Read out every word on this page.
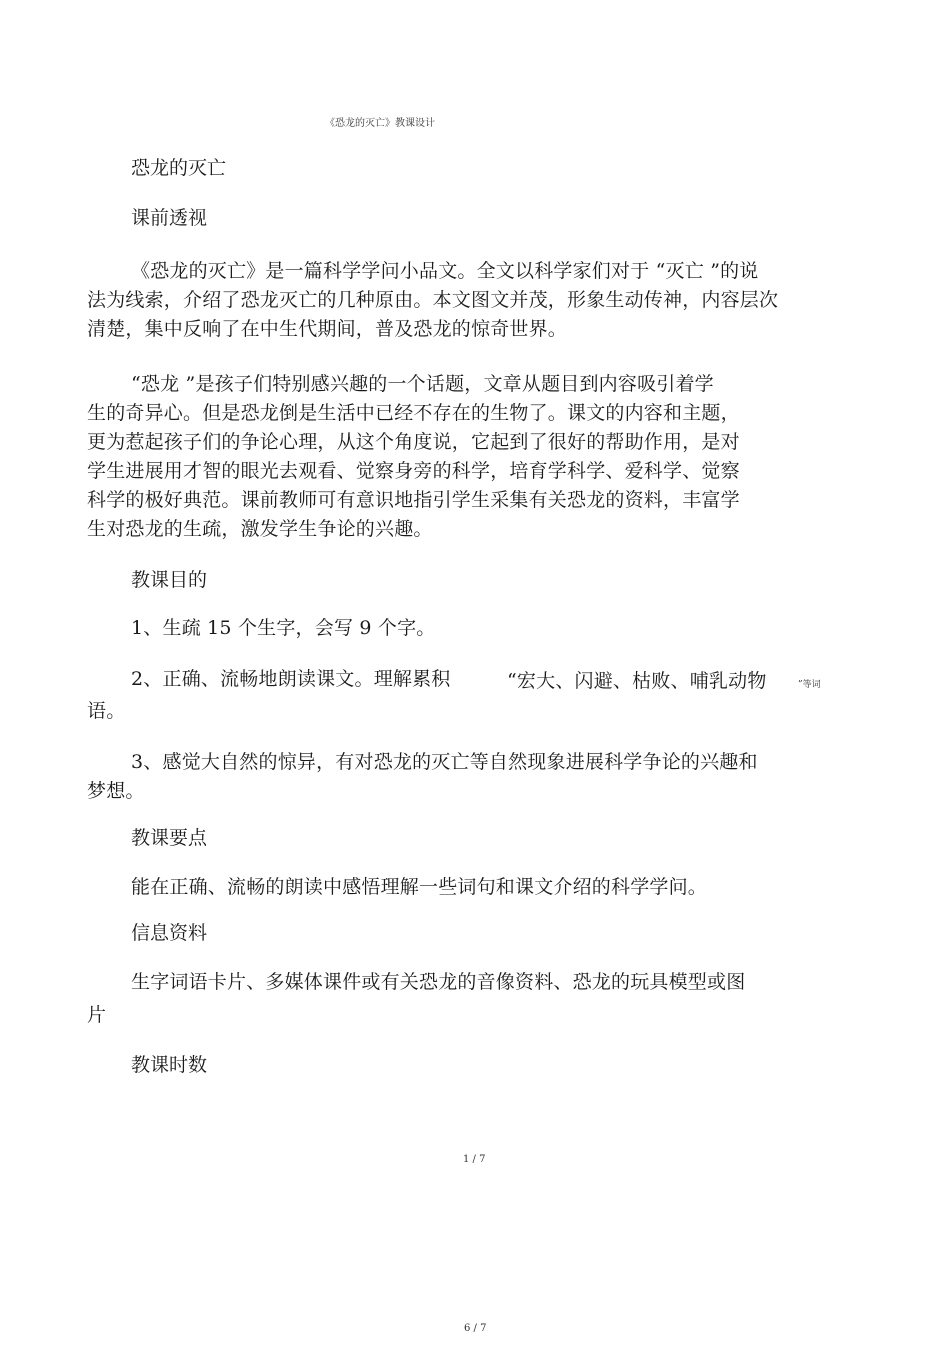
《恐龙的灭亡》教课设计
恐龙的灭亡
课前透视
《恐龙的灭亡》是一篇科学学问小品文。全文以科学家们对于 “灭亡 ”的说
法为线索，介绍了恐龙灭亡的几种原由。本文图文并茂，形象生动传神，内容层次
清楚，集中反响了在中生代期间，普及恐龙的惊奇世界。
“恐龙 ”是孩子们特别感兴趣的一个话题，文章从题目到内容吸引着学
生的奇异心。但是恐龙倒是生活中已经不存在的生物了。课文的内容和主题，
更为惹起孩子们的争论心理，从这个角度说，它起到了很好的帮助作用，是对
学生进展用才智的眼光去观看、觉察身旁的科学，培育学科学、爱科学、觉察
科学的极好典范。课前教师可有意识地指引学生采集有关恐龙的资料，丰富学
生对恐龙的生疏，激发学生争论的兴趣。
教课目的
1、生疏 15 个生字，会写 9 个字。
2、正确、流畅地朗读课文。理解累积	“宏大、闪避、枯败、哺乳动物	”等词
语。
3、感觉大自然的惊异，有对恐龙的灭亡等自然现象进展科学争论的兴趣和
梦想。
教课要点
能在正确、流畅的朗读中感悟理解一些词句和课文介绍的科学学问。
信息资料
生字词语卡片、多媒体课件或有关恐龙的音像资料、恐龙的玩具模型或图
片
教课时数
1 / 7
6 / 7
